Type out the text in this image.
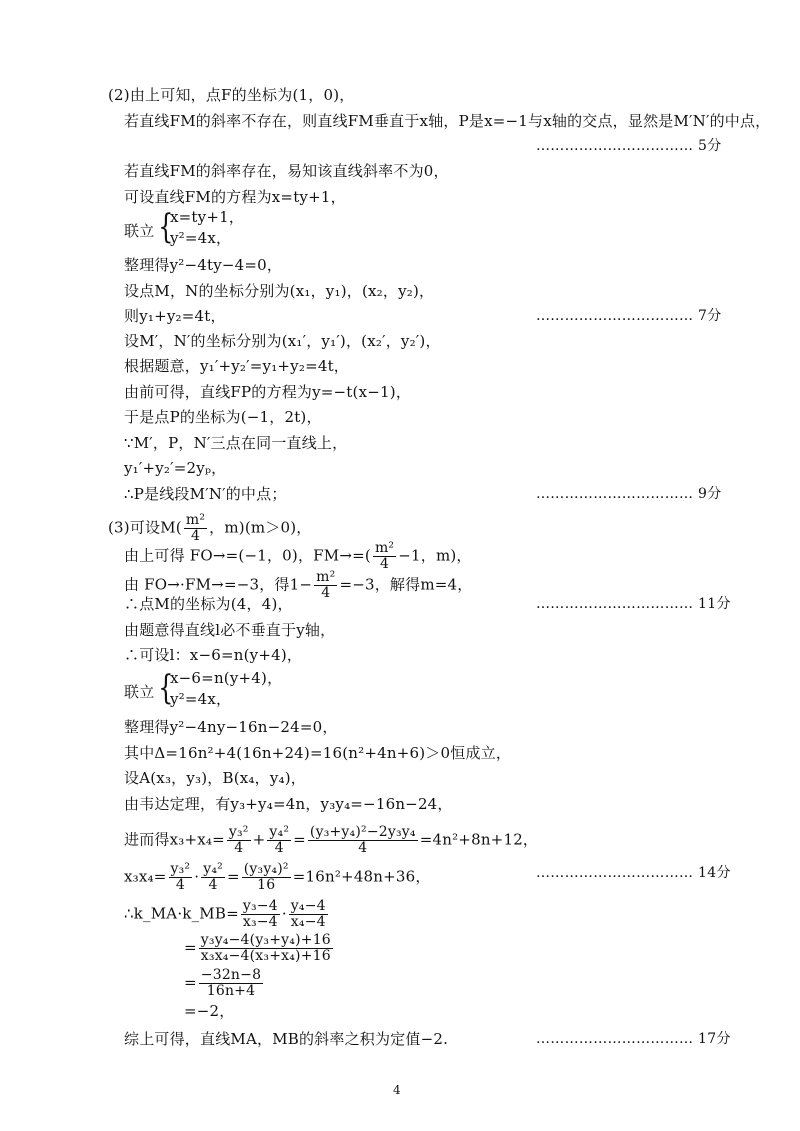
(2)由上可知，点F的坐标为(1，0)，
若直线FM的斜率不存在，则直线FM垂直于x轴，P是x=−1与x轴的交点，显然是M′N′的中点，
…………………………… 5分
若直线FM的斜率存在，易知该直线斜率不为0，
可设直线FM的方程为x=ty+1，
联立 {
x=ty+1，
y²=4x，
整理得y²−4ty−4=0，
设点M，N的坐标分别为(x₁，y₁)，(x₂，y₂)，
则y₁+y₂=4t，	…………………………… 7分
设M′，N′的坐标分别为(x₁′，y₁′)，(x₂′，y₂′)，
根据题意，y₁′+y₂′=y₁+y₂=4t，
由前可得，直线FP的方程为y=−t(x−1)，
于是点P的坐标为(−1，2t)，
∵M′，P，N′三点在同一直线上，
y₁′+y₂′=2yₚ，
∴P是线段M′N′的中点；	…………………………… 9分
(3)可设$M( \frac{\text{m²}}{4}$ ，m)(m＞0)，
由上可得 FO→=(−1，0)，$FM\to=( \frac{\text{m²}}{4} -1$，m)，
由 FO→·FM→=−3，得$1- \frac{\text{m²}}{4} =-3$，解得m=4，
∴点M的坐标为(4，4)，	…………………………… 11分
由题意得直线l必不垂直于y轴，
∴可设l：x−6=n(y+4)，
联立 {
x−6=n(y+4)，
y²=4x，
整理得y²−4ny−16n−24=0，
其中Δ=16n²+4(16n+24)=16(n²+4n+6)＞0恒成立，
设A(x₃，y₃)，B(x₄，y₄)，
由韦达定理，有y₃+y₄=4n，y₃y₄=−16n−24，
进而得$x_3+x_4= \frac{\text{y₃²}}{4} + \frac{\text{y₄²}}{4} = \frac{\text{(y₃+y₄)²−2y₃y₄}}{4} =4n^2+8n+12$，
$x_3x_4= \frac{\text{y₃²}}{4} \cdot \frac{\text{y₄²}}{4} = \frac{\text{(y₃y₄)²}}{16} =16n^2+48n+36$，	…………………………… 14分
∴k_MA·k_MB= $\frac{\text{y₃−4}}{\text{x₃−4}} \cdot \frac{\text{y₄−4}}{\text{x₄−4}}$
= $\frac{\text{y₃y₄−4(y₃+y₄)+16}}{\text{x₃x₄−4(x₃+x₄)+16}}$
= $\frac{-32n-8}{16n+4}$
=−2，
综上可得，直线MA，MB的斜率之积为定值−2.	…………………………… 17分
4
